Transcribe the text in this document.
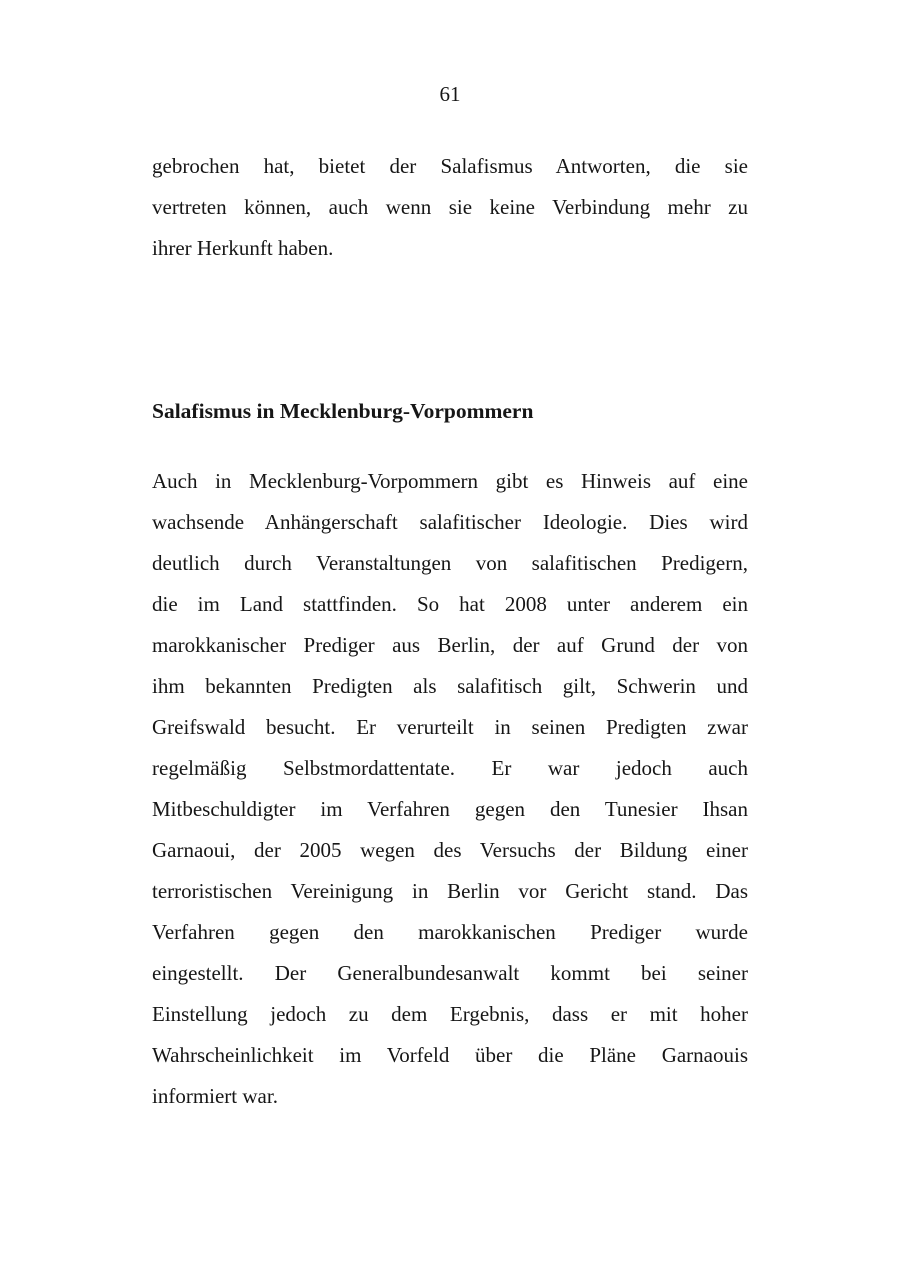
61
gebrochen hat, bietet der Salafismus Antworten, die sie
vertreten können, auch wenn sie keine Verbindung mehr zu
ihrer Herkunft haben.
Salafismus in Mecklenburg-Vorpommern
Auch in Mecklenburg-Vorpommern gibt es Hinweis auf eine
wachsende Anhängerschaft salafitischer Ideologie. Dies wird
deutlich durch Veranstaltungen von salafitischen Predigern,
die im Land stattfinden. So hat 2008 unter anderem ein
marokkanischer Prediger aus Berlin, der auf Grund der von
ihm bekannten Predigten als salafitisch gilt, Schwerin und
Greifswald besucht. Er verurteilt in seinen Predigten zwar
regelmäßig Selbstmordattentate. Er war jedoch auch
Mitbeschuldigter im Verfahren gegen den Tunesier Ihsan
Garnaoui, der 2005 wegen des Versuchs der Bildung einer
terroristischen Vereinigung in Berlin vor Gericht stand. Das
Verfahren gegen den marokkanischen Prediger wurde
eingestellt. Der Generalbundesanwalt kommt bei seiner
Einstellung jedoch zu dem Ergebnis, dass er mit hoher
Wahrscheinlichkeit im Vorfeld über die Pläne Garnaouis
informiert war.
